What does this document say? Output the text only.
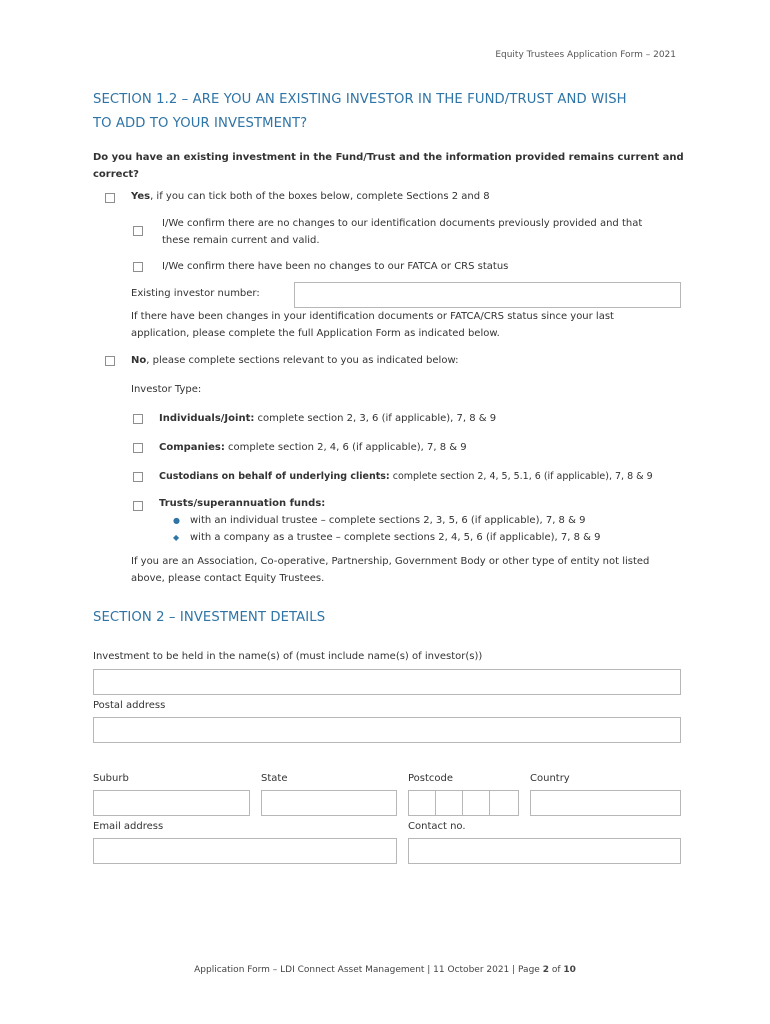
Equity Trustees Application Form – 2021
SECTION 1.2 – ARE YOU AN EXISTING INVESTOR IN THE FUND/TRUST AND WISH
TO ADD TO YOUR INVESTMENT?
Do you have an existing investment in the Fund/Trust and the information provided remains current and
correct?
Yes, if you can tick both of the boxes below, complete Sections 2 and 8
I/We confirm there are no changes to our identification documents previously provided and that
these remain current and valid.
I/We confirm there have been no changes to our FATCA or CRS status
Existing investor number:
If there have been changes in your identification documents or FATCA/CRS status since your last
application, please complete the full Application Form as indicated below.
No, please complete sections relevant to you as indicated below:
Investor Type:
Individuals/Joint: complete section 2, 3, 6 (if applicable), 7, 8 & 9
Companies: complete section 2, 4, 6 (if applicable), 7, 8 & 9
Custodians on behalf of underlying clients: complete section 2, 4, 5, 5.1, 6 (if applicable), 7, 8 & 9
Trusts/superannuation funds:
● with an individual trustee – complete sections 2, 3, 5, 6 (if applicable), 7, 8 & 9
◆ with a company as a trustee – complete sections 2, 4, 5, 6 (if applicable), 7, 8 & 9
If you are an Association, Co-operative, Partnership, Government Body or other type of entity not listed
above, please contact Equity Trustees.
SECTION 2 – INVESTMENT DETAILS
Investment to be held in the name(s) of (must include name(s) of investor(s))
Postal address
Suburb	State	Postcode	Country
Email address	Contact no.
Application Form – LDI Connect Asset Management | 11 October 2021 | Page 2 of 10
